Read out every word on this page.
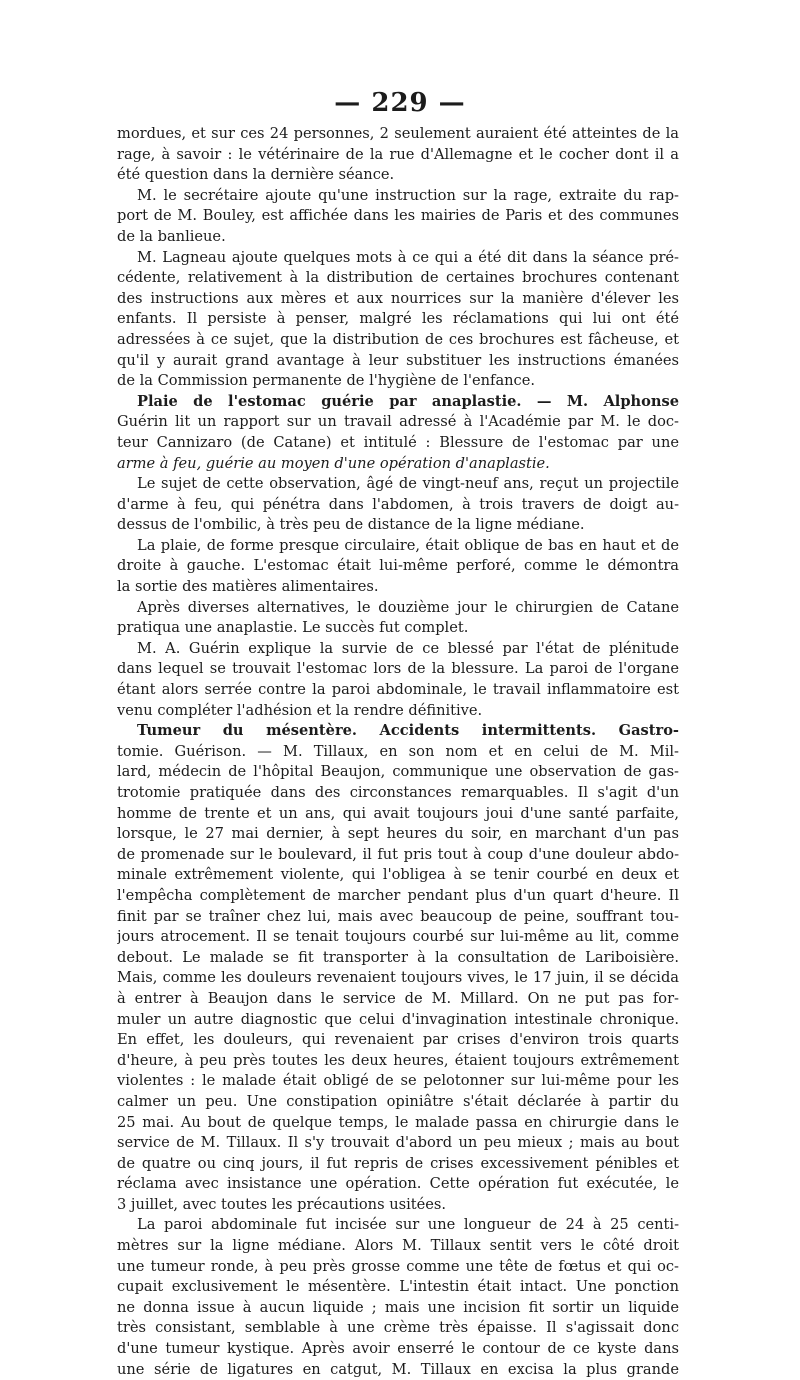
— 229 —
mordues, et sur ces 24 personnes, 2 seulement auraient été atteintes de la
rage, à savoir : le vétérinaire de la rue d'Allemagne et le cocher dont il a
été question dans la dernière séance.
M. le secrétaire ajoute qu'une instruction sur la rage, extraite du rap-
port de M. Bouley, est affichée dans les mairies de Paris et des communes
de la banlieue.
M. Lagneau ajoute quelques mots à ce qui a été dit dans la séance pré-
cédente, relativement à la distribution de certaines brochures contenant
des instructions aux mères et aux nourrices sur la manière d'élever les
enfants. Il persiste à penser, malgré les réclamations qui lui ont été
adressées à ce sujet, que la distribution de ces brochures est fâcheuse, et
qu'il y aurait grand avantage à leur substituer les instructions émanées
de la Commission permanente de l'hygiène de l'enfance.
Plaie de l'estomac guérie par anaplastie. — M. Alphonse
Guérin lit un rapport sur un travail adressé à l'Académie par M. le doc-
teur Cannizaro (de Catane) et intitulé : Blessure de l'estomac par une
arme à feu, guérie au moyen d'une opération d'anaplastie.
Le sujet de cette observation, âgé de vingt-neuf ans, reçut un projectile
d'arme à feu, qui pénétra dans l'abdomen, à trois travers de doigt au-
dessus de l'ombilic, à très peu de distance de la ligne médiane.
La plaie, de forme presque circulaire, était oblique de bas en haut et de
droite à gauche. L'estomac était lui-même perforé, comme le démontra
la sortie des matières alimentaires.
Après diverses alternatives, le douzième jour le chirurgien de Catane
pratiqua une anaplastie. Le succès fut complet.
M. A. Guérin explique la survie de ce blessé par l'état de plénitude
dans lequel se trouvait l'estomac lors de la blessure. La paroi de l'organe
étant alors serrée contre la paroi abdominale, le travail inflammatoire est
venu compléter l'adhésion et la rendre définitive.
Tumeur du mésentère. Accidents intermittents. Gastro-
tomie. Guérison. — M. Tillaux, en son nom et en celui de M. Mil-
lard, médecin de l'hôpital Beaujon, communique une observation de gas-
trotomie pratiquée dans des circonstances remarquables. Il s'agit d'un
homme de trente et un ans, qui avait toujours joui d'une santé parfaite,
lorsque, le 27 mai dernier, à sept heures du soir, en marchant d'un pas
de promenade sur le boulevard, il fut pris tout à coup d'une douleur abdo-
minale extrêmement violente, qui l'obligea à se tenir courbé en deux et
l'empêcha complètement de marcher pendant plus d'un quart d'heure. Il
finit par se traîner chez lui, mais avec beaucoup de peine, souffrant tou-
jours atrocement. Il se tenait toujours courbé sur lui-même au lit, comme
debout. Le malade se fit transporter à la consultation de Lariboisière.
Mais, comme les douleurs revenaient toujours vives, le 17 juin, il se décida
à entrer à Beaujon dans le service de M. Millard. On ne put pas for-
muler un autre diagnostic que celui d'invagination intestinale chronique.
En effet, les douleurs, qui revenaient par crises d'environ trois quarts
d'heure, à peu près toutes les deux heures, étaient toujours extrêmement
violentes : le malade était obligé de se pelotonner sur lui-même pour les
calmer un peu. Une constipation opiniâtre s'était déclarée à partir du
25 mai. Au bout de quelque temps, le malade passa en chirurgie dans le
service de M. Tillaux. Il s'y trouvait d'abord un peu mieux ; mais au bout
de quatre ou cinq jours, il fut repris de crises excessivement pénibles et
réclama avec insistance une opération. Cette opération fut exécutée, le
3 juillet, avec toutes les précautions usitées.
La paroi abdominale fut incisée sur une longueur de 24 à 25 centi-
mètres sur la ligne médiane. Alors M. Tillaux sentit vers le côté droit
une tumeur ronde, à peu près grosse comme une tête de fœtus et qui oc-
cupait exclusivement le mésentère. L'intestin était intact. Une ponction
ne donna issue à aucun liquide ; mais une incision fit sortir un liquide
très consistant, semblable à une crème très épaisse. Il s'agissait donc
d'une tumeur kystique. Après avoir enserré le contour de ce kyste dans
une série de ligatures en catgut, M. Tillaux en excisa la plus grande
